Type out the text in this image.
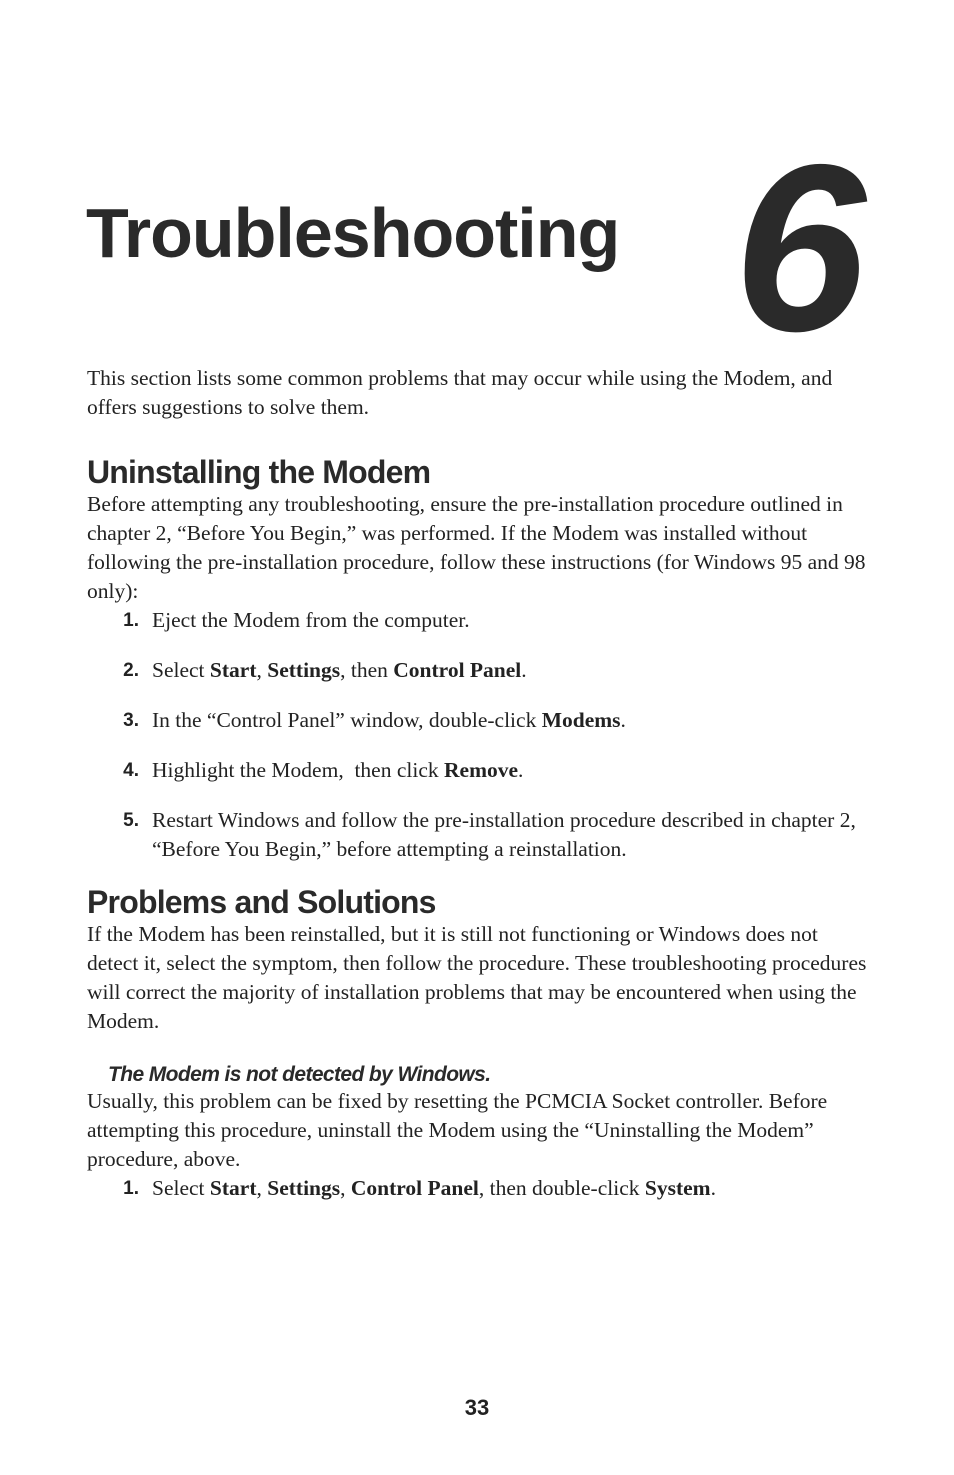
Troubleshooting 6

This section lists some common problems that may occur while using the Modem, and offers suggestions to solve them.

Uninstalling the Modem

Before attempting any troubleshooting, ensure the pre-installation procedure outlined in chapter 2, “Before You Begin,” was performed. If the Modem was installed without following the pre-installation procedure, follow these instructions (for Windows 95 and 98 only):

1. Eject the Modem from the computer.
2. Select Start, Settings, then Control Panel.
3. In the “Control Panel” window, double-click Modems.
4. Highlight the Modem,  then click Remove.
5. Restart Windows and follow the pre-installation procedure described in chapter 2, “Before You Begin,” before attempting a reinstallation.
Problems and Solutions

If the Modem has been reinstalled, but it is still not functioning or Windows does not detect it, select the symptom, then follow the procedure. These troubleshooting procedures will correct the majority of installation problems that may be encountered when using the Modem.

The Modem is not detected by Windows.

Usually, this problem can be fixed by resetting the PCMCIA Socket controller. Before attempting this procedure, uninstall the Modem using the “Uninstalling the Modem” procedure, above.

1. Select Start, Settings, Control Panel, then double-click System.
33
